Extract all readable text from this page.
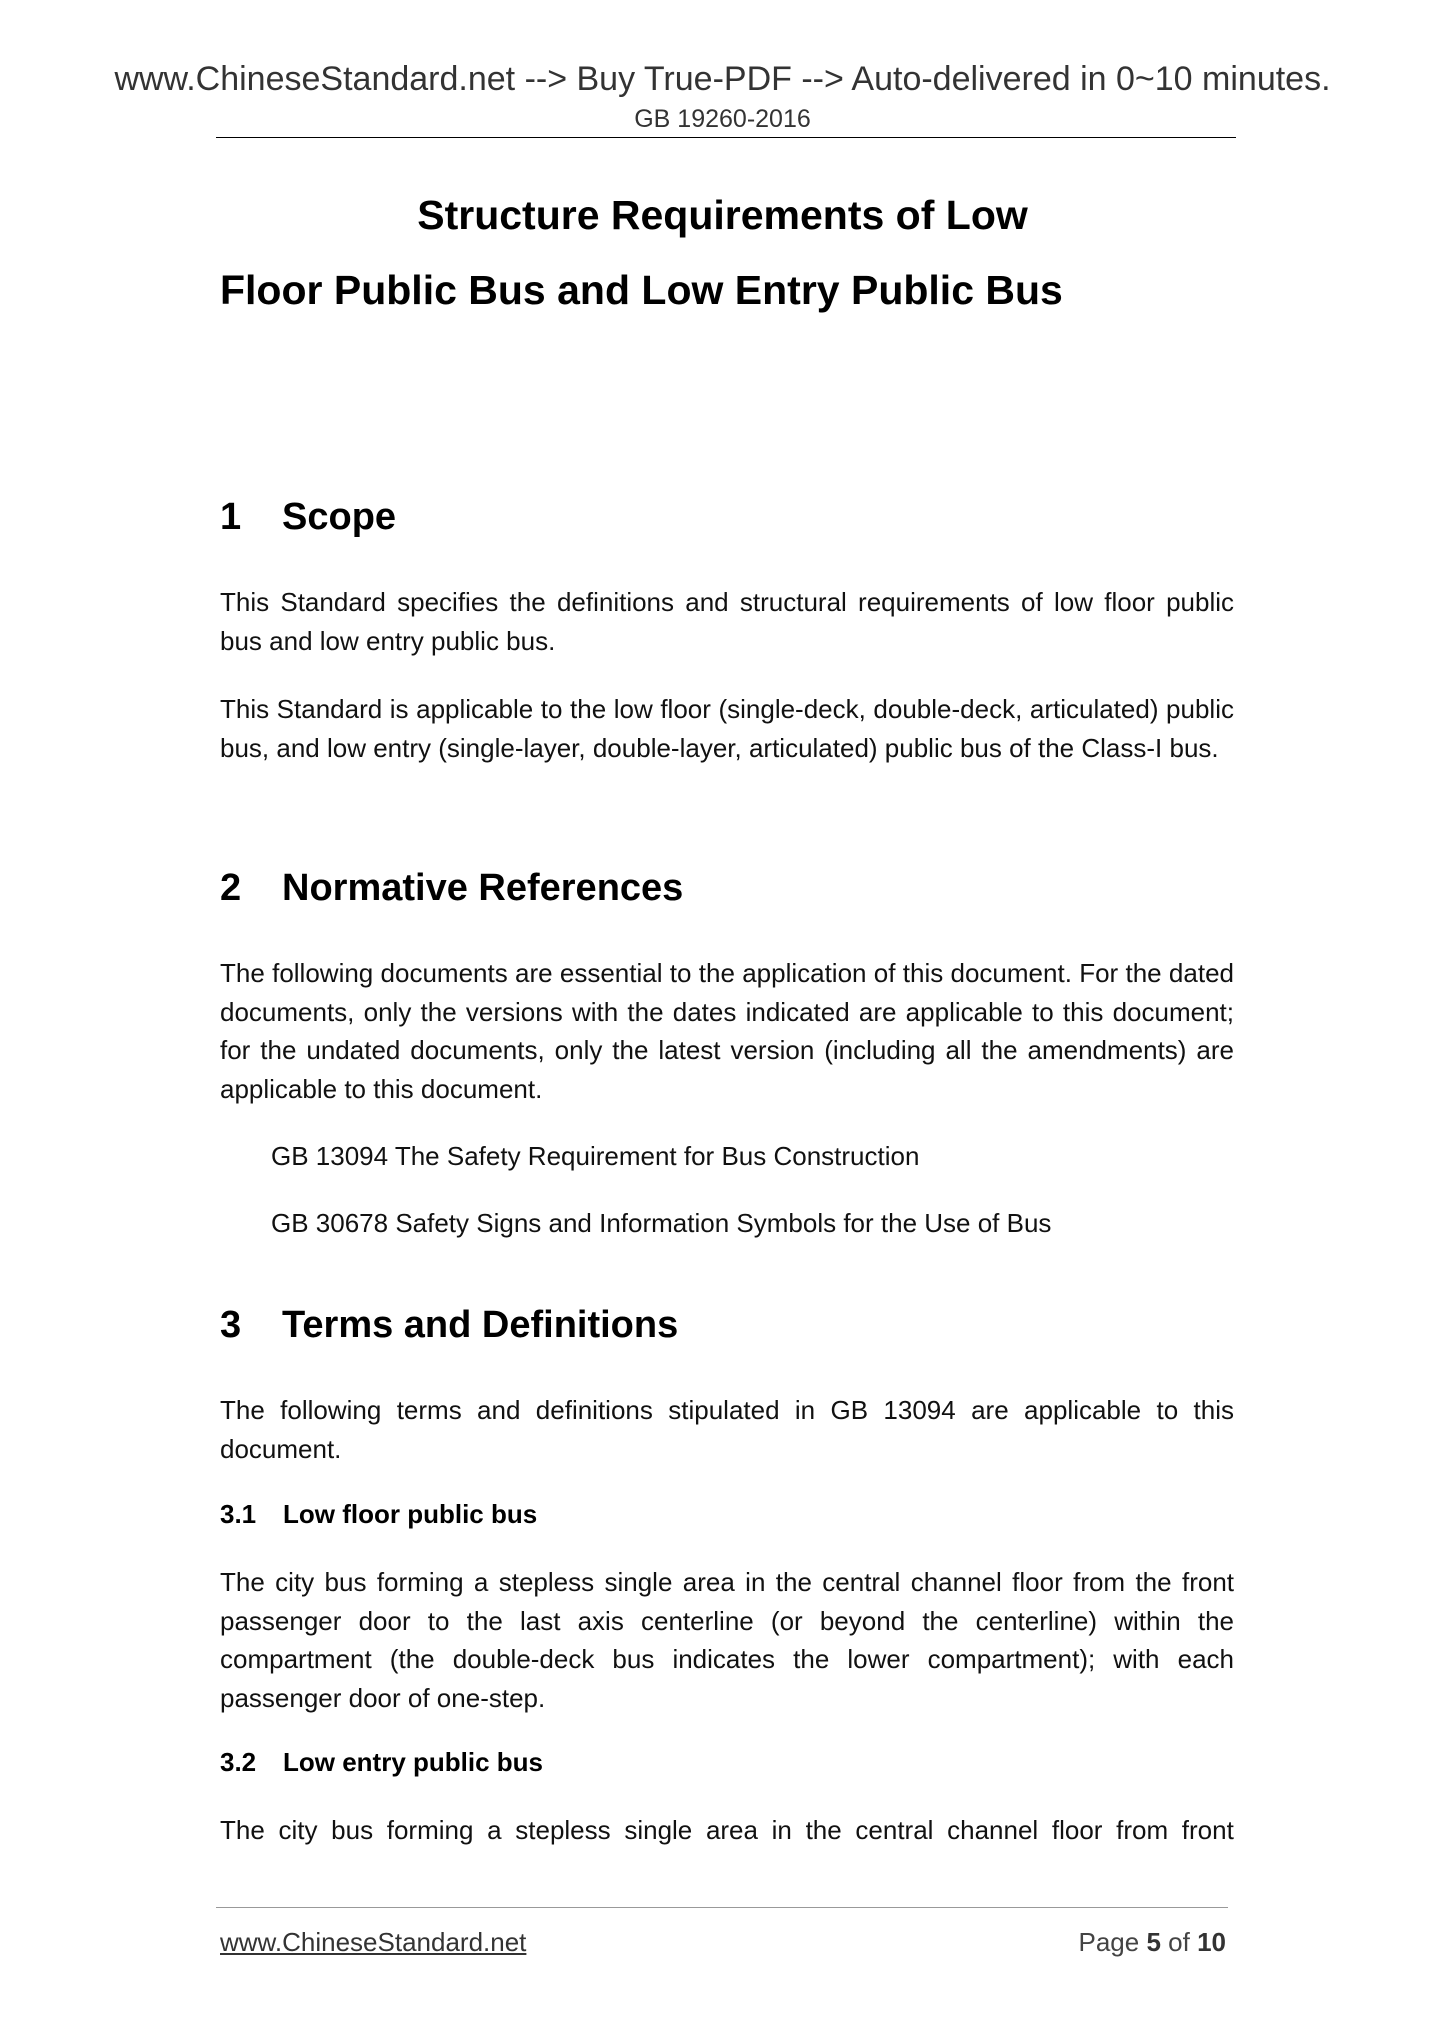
www.ChineseStandard.net --> Buy True-PDF --> Auto-delivered in 0~10 minutes.
GB 19260-2016
Structure Requirements of Low
Floor Public Bus and Low Entry Public Bus
1 Scope
This Standard specifies the definitions and structural requirements of low floor public bus and low entry public bus.
This Standard is applicable to the low floor (single-deck, double-deck, articulated) public bus, and low entry (single-layer, double-layer, articulated) public bus of the Class-I bus.
2 Normative References
The following documents are essential to the application of this document. For the dated documents, only the versions with the dates indicated are applicable to this document; for the undated documents, only the latest version (including all the amendments) are applicable to this document.
GB 13094 The Safety Requirement for Bus Construction
GB 30678 Safety Signs and Information Symbols for the Use of Bus
3 Terms and Definitions
The following terms and definitions stipulated in GB 13094 are applicable to this document.
3.1 Low floor public bus
The city bus forming a stepless single area in the central channel floor from the front passenger door to the last axis centerline (or beyond the centerline) within the compartment (the double-deck bus indicates the lower compartment); with each passenger door of one-step.
3.2 Low entry public bus
The city bus forming a stepless single area in the central channel floor from front
www.ChineseStandard.net	Page 5 of 10
